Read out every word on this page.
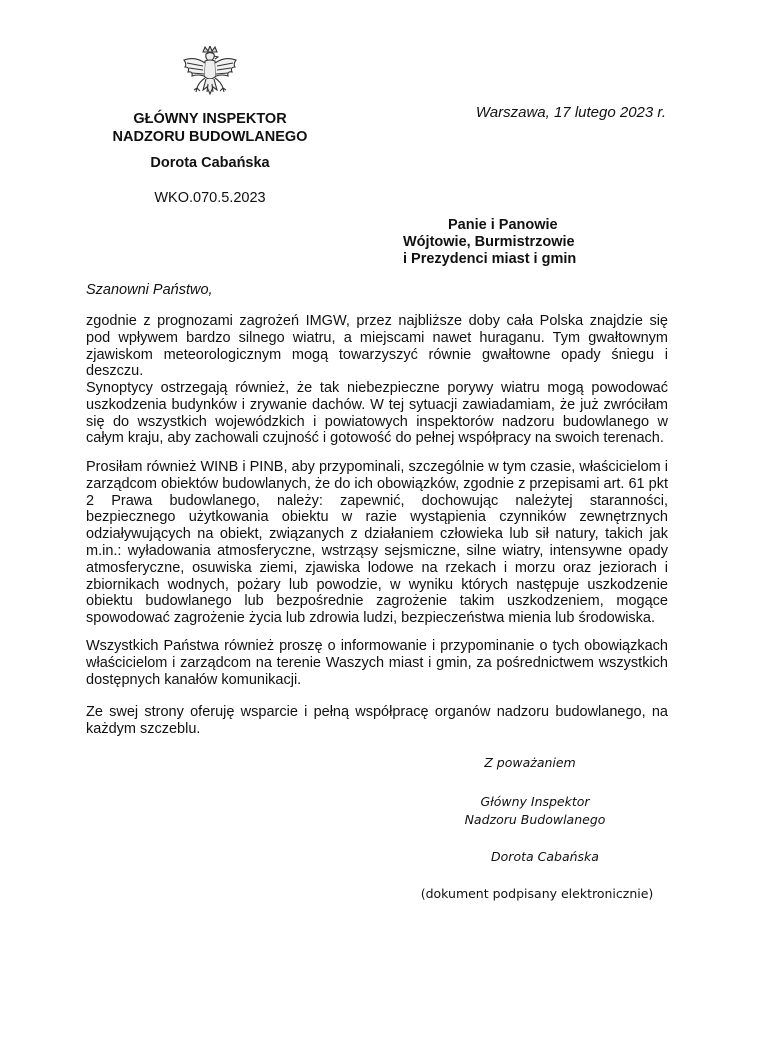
GŁÓWNY INSPEKTOR
NADZORU BUDOWLANEGO
Dorota Cabańska
WKO.070.5.2023
Warszawa, 17 lutego 2023 r.
Panie i Panowie
Wójtowie, Burmistrzowie
i Prezydenci miast i gmin
Szanowni Państwo,
zgodnie z prognozami zagrożeń IMGW, przez najbliższe doby cała Polska znajdzie się pod wpływem bardzo silnego wiatru, a miejscami nawet huraganu. Tym gwałtownym zjawiskom meteorologicznym mogą towarzyszyć równie gwałtowne opady śniegu i deszczu.
Synoptycy ostrzegają również, że tak niebezpieczne porywy wiatru mogą powodować uszkodzenia budynków i zrywanie dachów. W tej sytuacji zawiadamiam, że już zwróciłam się do wszystkich wojewódzkich i powiatowych inspektorów nadzoru budowlanego w całym kraju, aby zachowali czujność i gotowość do pełnej współpracy na swoich terenach.
Prosiłam również WINB i PINB, aby przypominali, szczególnie w tym czasie, właścicielom i zarządcom obiektów budowlanych, że do ich obowiązków, zgodnie z przepisami art. 61 pkt 2 Prawa budowlanego, należy: zapewnić, dochowując należytej staranności, bezpiecznego użytkowania obiektu w razie wystąpienia czynników zewnętrznych odziaływujących na obiekt, związanych z działaniem człowieka lub sił natury, takich jak m.in.: wyładowania atmosferyczne, wstrząsy sejsmiczne, silne wiatry, intensywne opady atmosferyczne, osuwiska ziemi, zjawiska lodowe na rzekach i morzu oraz jeziorach i zbiornikach wodnych, pożary lub powodzie, w wyniku których następuje uszkodzenie obiektu budowlanego lub bezpośrednie zagrożenie takim uszkodzeniem, mogące spowodować zagrożenie życia lub zdrowia ludzi, bezpieczeństwa mienia lub środowiska.
Wszystkich Państwa również proszę o informowanie i przypominanie o tych obowiązkach właścicielom i zarządcom na terenie Waszych miast i gmin, za pośrednictwem wszystkich dostępnych kanałów komunikacji.
Ze swej strony oferuję wsparcie i pełną współpracę organów nadzoru budowlanego, na każdym szczeblu.
Z poważaniem
Główny Inspektor
Nadzoru Budowlanego
Dorota Cabańska
(dokument podpisany elektronicznie)
